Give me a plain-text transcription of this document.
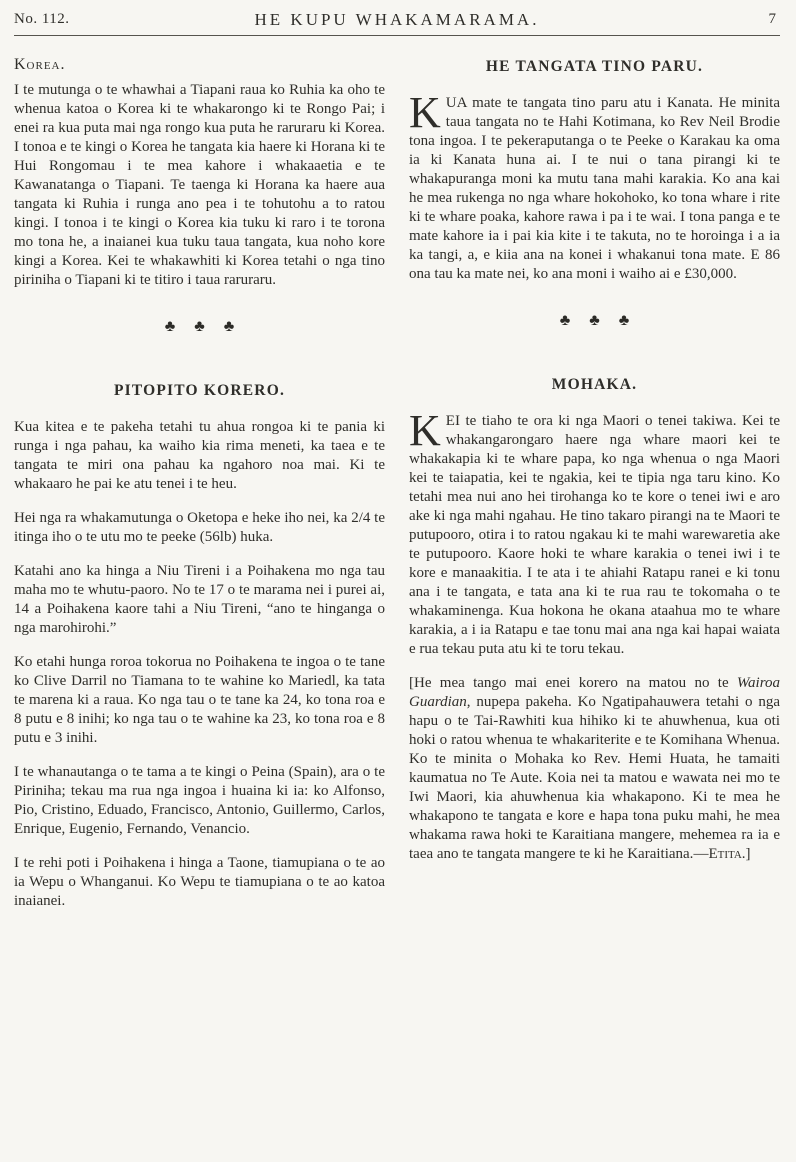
No. 112.	HE KUPU WHAKAMARAMA.	7
Korea.

I te mutunga o te whawhai a Tiapani raua ko Ruhia ka oho te whenua katoa o Korea ki te whakarongo ki te Rongo Pai; i enei ra kua puta mai nga rongo kua puta he raruraru ki Korea. I tonoa e te kingi o Korea he tangata kia haere ki Horana ki te Hui Rongomau i te mea kahore i whakaaetia e te Kawanatanga o Tiapani. Te taenga ki Horana ka haere aua tangata ki Ruhia i runga ano pea i te tohutohu a to ratou kingi. I tonoa i te kingi o Korea kia tuku ki raro i te torona mo tona he, a inaianei kua tuku taua tangata, kua noho kore kingi a Korea. Kei te whakawhiti ki Korea tetahi o nga tino piriniha o Tiapani ki te titiro i taua raruraru.

♣ ♣ ♣
PITOPITO KORERO.

Kua kitea e te pakeha tetahi tu ahua rongoa ki te pania ki runga i nga pahau, ka waiho kia rima meneti, ka taea e te tangata te miri ona pahau ka ngahoro noa mai. Ki te whakaaro he pai ke atu tenei i te heu.

Hei nga ra whakamutunga o Oketopa e heke iho nei, ka 2/4 te itinga iho o te utu mo te peeke (56lb) huka.

Katahi ano ka hinga a Niu Tireni i a Poihakena mo nga tau maha mo te whutu-paoro. No te 17 o te marama nei i purei ai, 14 a Poihakena kaore tahi a Niu Tireni, “ano te hinganga o nga marohirohi.”

Ko etahi hunga roroa tokorua no Poihakena te ingoa o te tane ko Clive Darril no Tiamana to te wahine ko Mariedl, ka tata te marena ki a raua. Ko nga tau o te tane ka 24, ko tona roa e 8 putu e 8 inihi; ko nga tau o te wahine ka 23, ko tona roa e 8 putu e 3 inihi.

I te whanautanga o te tama a te kingi o Peina (Spain), ara o te Piriniha; tekau ma rua nga ingoa i huaina ki ia: ko Alfonso, Pio, Cristino, Eduado, Francisco, Antonio, Guillermo, Carlos, Enrique, Eugenio, Fernando, Venancio.

I te rehi poti i Poihakena i hinga a Taone, tiamupiana o te ao ia Wepu o Whanganui. Ko Wepu te tiamupiana o te ao katoa inaianei.

HE TANGATA TINO PARU.

KUA mate te tangata tino paru atu i Kanata. He minita taua tangata no te Hahi Kotimana, ko Rev Neil Brodie tona ingoa. I te pekeraputanga o te Peeke o Karakau ka oma ia ki Kanata huna ai. I te nui o tana pirangi ki te whakapuranga moni ka mutu tana mahi karakia. Ko ana kai he mea rukenga no nga whare hokohoko, ko tona whare i rite ki te whare poaka, kahore rawa i pa i te wai. I tona panga e te mate kahore ia i pai kia kite i te takuta, no te horoinga i a ia ka tangi, a, e kiia ana na konei i whakanui tona mate. E 86 ona tau ka mate nei, ko ana moni i waiho ai e £30,000.

♣ ♣ ♣
MOHAKA.

KEI te tiaho te ora ki nga Maori o tenei takiwa. Kei te whakangarongaro haere nga whare maori kei te whakakapia ki te whare papa, ko nga whenua o nga Maori kei te taiapatia, kei te ngakia, kei te tipia nga taru kino. Ko tetahi mea nui ano hei tirohanga ko te kore o tenei iwi e aro ake ki nga mahi ngahau. He tino takaro pirangi na te Maori te putupooro, otira i to ratou ngakau ki te mahi warewaretia ake te putupooro. Kaore hoki te whare karakia o tenei iwi i te kore e manaakitia. I te ata i te ahiahi Ratapu ranei e ki tonu ana i te tangata, e tata ana ki te rua rau te tokomaha o te whakaminenga. Kua hokona he okana ataahua mo te whare karakia, a i ia Ratapu e tae tonu mai ana nga kai hapai waiata e rua tekau puta atu ki te toru tekau.

[He mea tango mai enei korero na matou no te Wairoa Guardian, nupepa pakeha. Ko Ngatipahauwera tetahi o nga hapu o te Tai-Rawhiti kua hihiko ki te ahuwhenua, kua oti hoki o ratou whenua te whakariterite e te Komihana Whenua. Ko te minita o Mohaka ko Rev. Hemi Huata, he tamaiti kaumatua no Te Aute. Koia nei ta matou e wawata nei mo te Iwi Maori, kia ahuwhenua kia whakapono. Ki te mea he whakapono te tangata e kore e hapa tona puku mahi, he mea whakama rawa hoki te Karaitiana mangere, mehemea ra ia e taea ano te tangata mangere te ki he Karaitiana.—Etita.]
